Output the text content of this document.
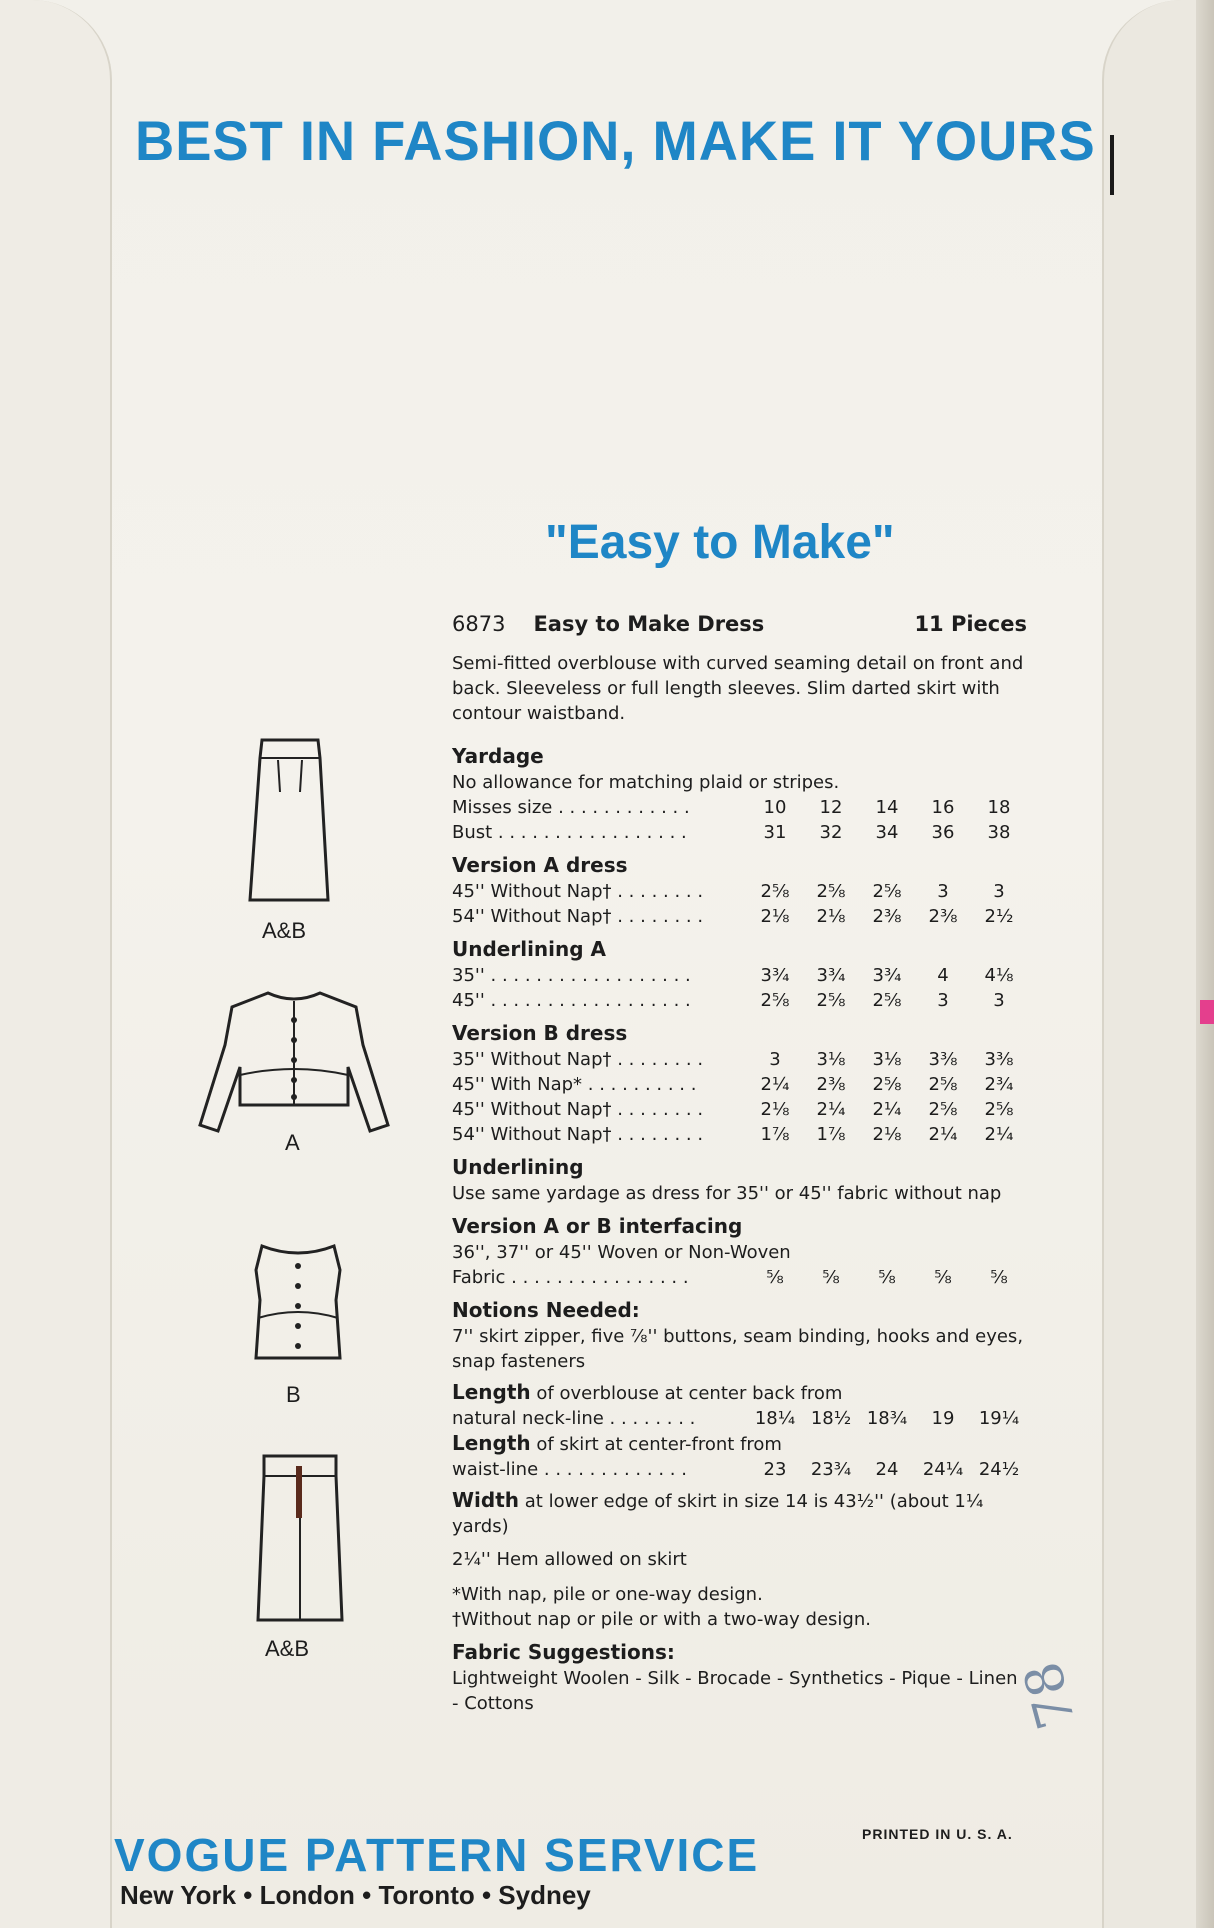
BEST IN FASHION, MAKE IT YOURS
"Easy to Make"
6873 Easy to Make Dress	11 Pieces
Semi-fitted overblouse with curved seaming detail on front and back. Sleeveless or full length sleeves. Slim darted skirt with contour waistband.
Yardage
No allowance for matching plaid or stripes.
Misses size . . . . . . . . . . . .	10	12	14	16	18
Bust . . . . . . . . . . . . . . . . .	31	32	34	36	38
Version A dress
45'' Without Nap† . . . . . . . .	2⅝	2⅝	2⅝	3	3
54'' Without Nap† . . . . . . . .	2⅛	2⅛	2⅜	2⅜	2½
Underlining A
35'' . . . . . . . . . . . . . . . . . .	3¾	3¾	3¾	4	4⅛
45'' . . . . . . . . . . . . . . . . . .	2⅝	2⅝	2⅝	3	3
Version B dress
35'' Without Nap† . . . . . . . .	3	3⅛	3⅛	3⅜	3⅜
45'' With Nap* . . . . . . . . . .	2¼	2⅜	2⅝	2⅝	2¾
45'' Without Nap† . . . . . . . .	2⅛	2¼	2¼	2⅝	2⅝
54'' Without Nap† . . . . . . . .	1⅞	1⅞	2⅛	2¼	2¼
Underlining
Use same yardage as dress for 35'' or 45'' fabric without nap
Version A or B interfacing
36'', 37'' or 45'' Woven or Non-Woven
Fabric . . . . . . . . . . . . . . . .	⅝	⅝	⅝	⅝	⅝
Notions Needed:
7'' skirt zipper, five ⅞'' buttons, seam binding, hooks and eyes, snap fasteners
Length of overblouse at center back from
natural neck-line . . . . . . . .	18¼ 18½ 18¾	19	19¼
Length of skirt at center-front from
waist-line . . . . . . . . . . . . .	23	23¾	24	24¼ 24½
Width at lower edge of skirt in size 14 is 43½'' (about 1¼ yards)
2¼'' Hem allowed on skirt
*With nap, pile or one-way design.
†Without nap or pile or with a two-way design.
Fabric Suggestions:
Lightweight Woolen - Silk - Brocade - Synthetics - Pique - Linen - Cottons
A&B
A
B
A&B
VOGUE PATTERN SERVICE
New York • London • Toronto • Sydney
PRINTED IN U. S. A.
78
